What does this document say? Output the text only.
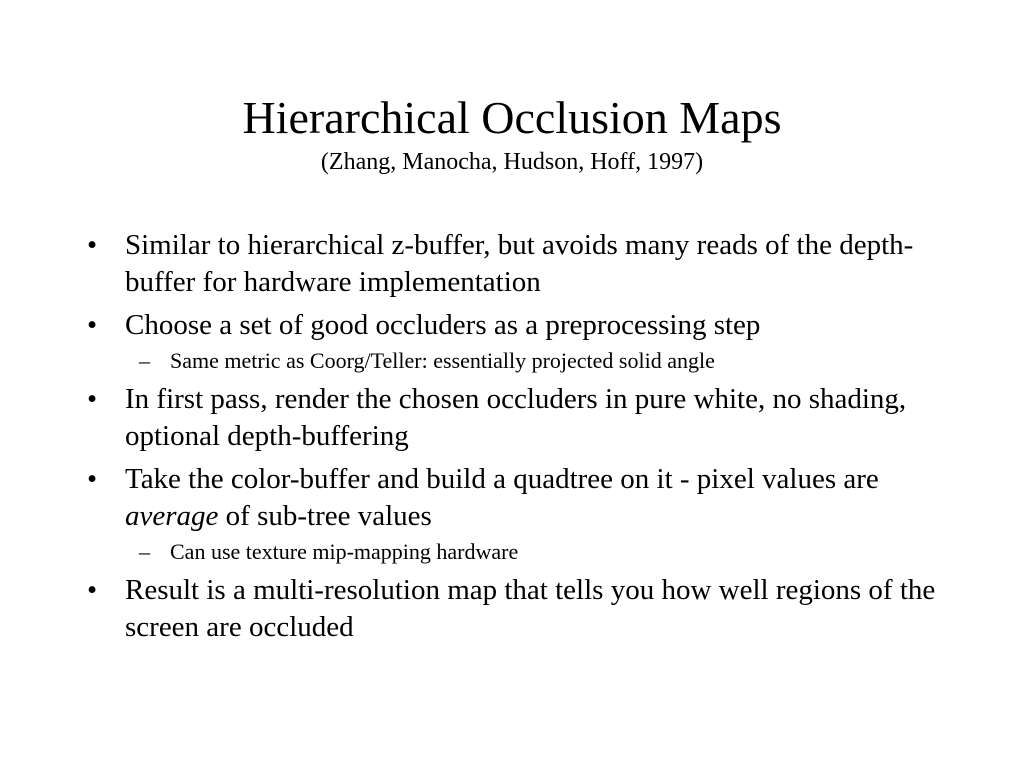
Hierarchical Occlusion Maps
(Zhang, Manocha, Hudson, Hoff, 1997)
• Similar to hierarchical z-buffer, but avoids many reads of the depth-buffer for hardware implementation
• Choose a set of good occluders as a preprocessing step
– Same metric as Coorg/Teller: essentially projected solid angle
• In first pass, render the chosen occluders in pure white, no shading, optional depth-buffering
• Take the color-buffer and build a quadtree on it - pixel values are average of sub-tree values
– Can use texture mip-mapping hardware
• Result is a multi-resolution map that tells you how well regions of the screen are occluded
